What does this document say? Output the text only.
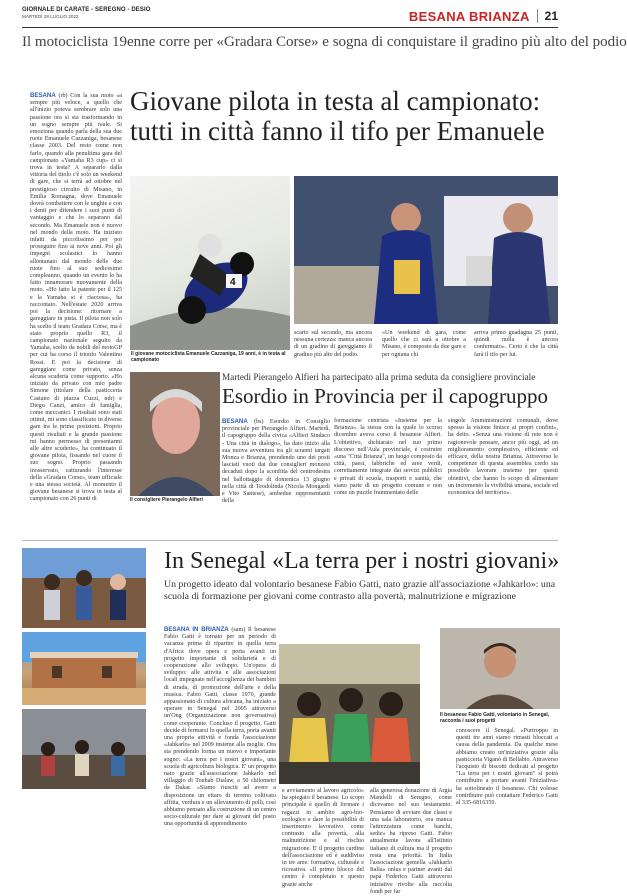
GIORNALE DI CARATE - SEREGNO - DESIO
MARTEDÌ 28 LUGLIO 2022	BESANA BRIANZA 21
Il motociclista 19enne corre per «Gradara Corse» e sogna di conquistare il gradino più alto del podio
Giovane pilota in testa al campionato: tutti in città fanno il tifo per Emanuele
BESANA (rb) Con la sua moto «a sempre più veloce, a quello che all'inizio poteva sembrare solo una passione ora si sta trasformando in un sogno sempre più reale. Si emoziona quando parla della sua due ruote Emanuele Cazzaniga, besanese classe 2003. Del resto come non farlo, quando alla penultima gara del campionato «Yamaha R3 cup» ci si trova in testa? A separarlo dalla vittoria del titolo c'è solo un weekend di gare, che si terrà ad ottobre nel prestigioso circuito di Misano, in Emilia Romagna, dove Emanuele dovrà combattere con le unghie e con i denti per difendere i suoi punti di vantaggio e che lo separano dal secondo. Ma Emanuele non è nuovo nel mondo della moto. Ha iniziato infatti da piccolissimo per poi proseguire fino ai nove anni. Poi gli impegni scolastici lo hanno allontanato dal mondo delle due ruote fino al suo sedicesimo compleanno, quando un evento lo ha fatto innamorare nuovamente della moto. «Ho fatto la patente per il 125 e la Yamaha si è riaccesa», ha raccontato. Nell'estate 2020 arriva poi la decisione: ritornare a gareggiare in pista. Il pilota non solo ha scelto il team Gradara Corse, ma è stato proprio quello R3, il campionato nazionale seguito da Yamaha, scelto da nobili del motoGP per cui ha corso il trionfo Valentino Rossi. E poi la decisione di gareggiare come privato, senza alcuna scuderia come supporto. «Ho iniziato da privato con mio padre Simone (titolare della pasticceria Castano di piazza Cuzzi, ndr) e Diego Canzi, amico di famiglia, come meccanici. I risultati sono stati ottimi, mi sono classificato in diverse gare tra le prime posizioni. Proprio questi risultati e la grande passione mi hanno permesso di presentarmi alle altre scuderie», ha continuato il giovane pilota, fissando nel cuore il suo sogno. Proprio passando inosservato, catturando l'interesse della «Gradara Corse», team ufficiale e una stessa società. Al momento il giovane besanese si trova in testa al campionato con 26 punti di
4
Il giovane motociclista Emanuele Cazzaniga, 19 anni, è in testa al campionato
scarto sul secondo, ma ancora nessuna certezza: manca ancora di un gradino di gareggiamo il gradino più alto del podio.
«Un weekend di gara, come quello che ci sarà a ottobre a Misano, è composto da due gare e per ognuna chi
arriva primo guadagna 25 punti, quindi nulla è ancora confermato». Certo è che la città farà il tifo per lui.
Il consigliere Pierangelo Alfieri
Martedì Pierangelo Alfieri ha partecipato alla prima seduta da consigliere provinciale
Esordio in Provincia per il capogruppo
BESANA (bs) Esordio in Consiglio provinciale per Pierangelo Alfieri. Martedì, il capogruppo della civica «Alfieri Sindaco - Una città in dialogo», ha dato inizio alla sua nuova avventura tra gli scranni targati Monza e Brianza, prendendo uno dei posti lasciati vuoti dai due consiglieri monzesi decaduti dopo la sconfitta del centrodestra nel ballottaggio di domenica 13 giugno nella città di Teodolinda (Nicola Mongardi e Vito Santese), ambedue rappresentanti della
formazione centrista «Insieme per la Brianza». la stessa con la quale lo scorso dicembre aveva corso il besanese Alfieri. L'obiettivo, dichiarato nel suo primo discorso nell'Aula provinciale, è costruire «una "Città Brianza", un luogo composto da città, paesi, fabbriche ed aree verdi, correttamente integrate dai servizi pubblici e privati di scuola, trasporti e sanità, che siano parte di un progetto comune e non come un puzzle frammentato delle
singole Amministrazioni comunali, dove spesso la visione finisce ai propri confini», ha detto. «Senza una visione di rete non è ragionevole pensare, ancor più oggi, ad un miglioramento complessivo, efficiente ed efficace, della nostra Brianza. Attraverso le competenze di questa assemblea credo sia possibile lavorare insieme per questi obiettivi, che hanno lo scopo di alimentare un incremento la vivibilità umana, sociale ed economica del territorio».
In Senegal «La terra per i nostri giovani»
Un progetto ideato dal volontario besanese Fabio Gatti, nato grazie all'associazione «Jahkarlo»: una scuola di formazione per giovani come contrasto alla povertà, malnutrizione e migrazione
BESANA IN BRIANZA (sam) Il besanese Fabio Gatti è tornato per un periodo di vacanza prima di ripartire in quella terra d'Africa dove opera e porta avanti un progetto importante di solidarietà e di cooperazione allo sviluppo. Un'opera di sviluppo: alle attività e alle associazioni locali impegnate nell'accoglienza dei bambini di strada, di promozione dell'arte e della musica. Fabio Gatti, classe 1970, grande appassionato di cultura africana, ha iniziato a operare in Senegal nel 2005 attraverso un'Ong (Organizzazione non governativa) come cooperante. Concluso il progetto, Gatti decide di fermarsi lo quella terra, porta avanti una propria attività e fonda l'associazione «Jahkarlo» nel 2009 insieme alla moglie. Ora sta prendendo forma un nuovo e importante sogno: «La terra per i nostri giovani», una scuola di agricoltura biologica. E' un progetto nato grazie all'associazione Jahkarlo nel villaggio di Toubab Dialaw, a 50 chilometri da Dakar. «Siamo riusciti ad avere a disposizione un ettaro di terreno coltivato affitta, verdura e un allevamento di polli, così abbiamo pensato alla costruzione di un centro socio-culturale per dare ai giovani del posto una opportunità di apprendimento
e avviamento al lavoro agricolo» ha spiegato il besanese. Lo scopo principale è quello di formare i ragazzi in ambito agro-bio-ecologico e dare la possibilità di inserimento lavorativo come contrasto alla povertà, alla malnutrizione e al rischio migrazione. E' il progetto cardine dell'associazione ed è suddiviso in tre aree: formativa, culturale e ricreativa. «Il primo blocco del centro è completato e questo grazie anche
alla generosa donazione di Argia Mandelli di Seregno, come dicevamo nel suo testamento. Pensiamo di avviare due classi e una sala laboratorio, ora manca l'attrezzatura come banchi, sedie» ha ripreso Gatti. Fabio attualmente lavora all'Istituto italiano di cultura ma il progetto resta una priorità. In Italia l'associazione gemella «Jahkarlo Italia» onlus e partner avanti dal papà Federico Gatti attraverso iniziative rivolte alla raccolta fondi per far
Il besanese Fabio Gatti, volontario in Senegal, racconta i suoi progetti
conoscere il Senegal. «Purtroppo in questi tre anni siamo rimasti bloccati a causa della pandemia. Da qualche mese abbiamo creato un'iniziativa grazie alla pasticceria Viganò di Bellabio. Attraverso l'acquisto di biscotti dedicati al progetto "La terra per i nostri giovani" si potrà contribuire a portare avanti l'iniziativa» ha sottolineato il besanese. Chi volesse contribuire può contattare Federico Gatti al 335-6816359.
